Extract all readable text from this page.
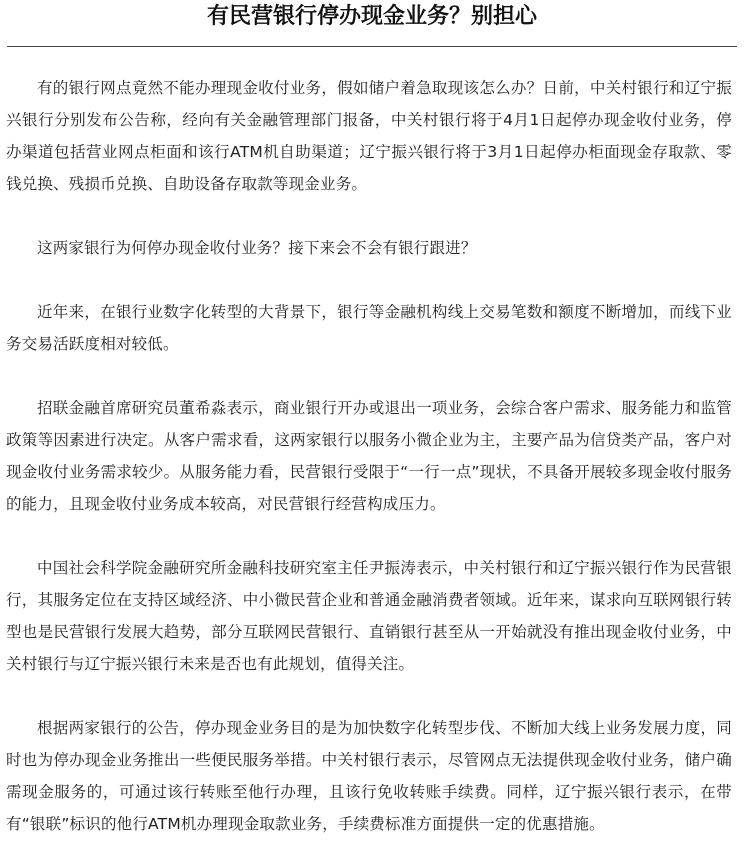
有民营银行停办现金业务？别担心

有的银行网点竟然不能办理现金收付业务，假如储户着急取现该怎么办？日前，中关村银行和辽宁振兴银行分别发布公告称，经向有关金融管理部门报备，中关村银行将于4月1日起停办现金收付业务，停办渠道包括营业网点柜面和该行ATM机自助渠道；辽宁振兴银行将于3月1日起停办柜面现金存取款、零钱兑换、残损币兑换、自助设备存取款等现金业务。

这两家银行为何停办现金收付业务？接下来会不会有银行跟进？

近年来，在银行业数字化转型的大背景下，银行等金融机构线上交易笔数和额度不断增加，而线下业务交易活跃度相对较低。

招联金融首席研究员董希淼表示，商业银行开办或退出一项业务，会综合客户需求、服务能力和监管政策等因素进行决定。从客户需求看，这两家银行以服务小微企业为主，主要产品为信贷类产品，客户对现金收付业务需求较少。从服务能力看，民营银行受限于“一行一点”现状，不具备开展较多现金收付服务的能力，且现金收付业务成本较高，对民营银行经营构成压力。

中国社会科学院金融研究所金融科技研究室主任尹振涛表示，中关村银行和辽宁振兴银行作为民营银行，其服务定位在支持区域经济、中小微民营企业和普通金融消费者领域。近年来，谋求向互联网银行转型也是民营银行发展大趋势，部分互联网民营银行、直销银行甚至从一开始就没有推出现金收付业务，中关村银行与辽宁振兴银行未来是否也有此规划，值得关注。

根据两家银行的公告，停办现金业务目的是为加快数字化转型步伐、不断加大线上业务发展力度，同时也为停办现金业务推出一些便民服务举措。中关村银行表示，尽管网点无法提供现金收付业务，储户确需现金服务的，可通过该行转账至他行办理，且该行免收转账手续费。同样，辽宁振兴银行表示，在带有“银联”标识的他行ATM机办理现金取款业务，手续费标准方面提供一定的优惠措施。
